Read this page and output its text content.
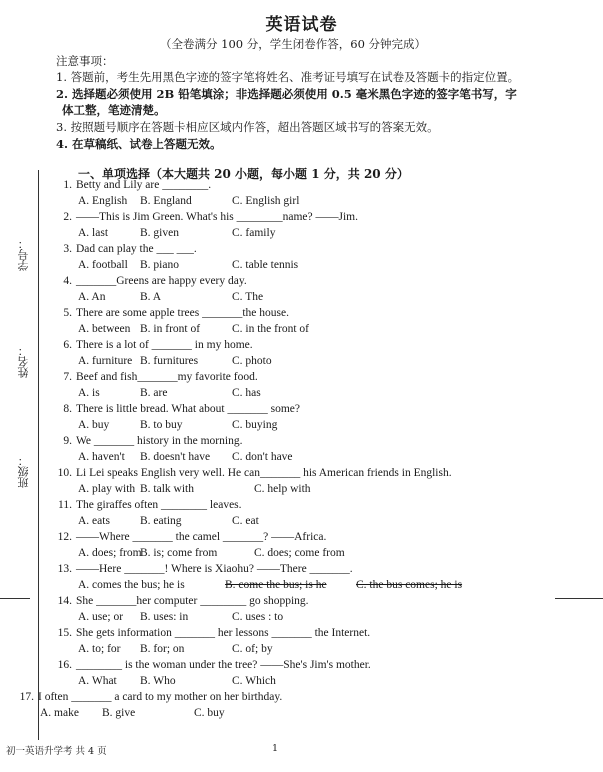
英语试卷
（全卷满分 100 分，学生闭卷作答，60 分钟完成）
注意事项：
1. 答题前，考生先用黑色字迹的签字笔将姓名、准考证号填写在试卷及答题卡的指定位置。
2. 选择题必须使用 2B 铅笔填涂；非选择题必须使用 0.5 毫米黑色字迹的签字笔书写，字
体工整，笔迹清楚。
3. 按照题号顺序在答题卡相应区域内作答，超出答题区域书写的答案无效。
4. 在草稿纸、试卷上答题无效。
一、单项选择（本大题共 20 小题，每小题 1 分，共 20 分）
学号：
姓名：
班级：
1. Betty and Lily are ________.
A. English B. England	C. English girl
2. ——This is Jim Green. What's his ________name? ——Jim.
A. last	B. given	C. family
3. Dad can play the ___ ___.
A. football B. piano	C. table tennis
4. _______Greens are happy every day.
A. An	B. A	C. The
5. There are some apple trees _______the house.
A. between B. in front of	C. in the front of
6. There is a lot of _______ in my home.
A. furniture B. furnitures	C. photo
7. Beef and fish_______my favorite food.
A. is	B. are	C. has
8. There is little bread. What about _______ some?
A. buy	B. to buy	C. buying
9. We _______ history in the morning.
A. haven't B. doesn't have C. don't have
10. Li Lei speaks English very well. He can_______ his American friends in English.
A. play with B. talk with	C. help with
11. The giraffes often ________ leaves.
A. eats	B. eating	C. eat
12. ——Where _______ the camel _______? ——Africa.
A. does; from
B. is; come from	C. does; come from
13. ——Here _______! Where is Xiaohu? ——There _______.
A. comes the bus; he is	B. come the bus; is he	C. the bus comes; he is
14. She _______her computer ________ go shopping.
A. use; or B. uses: in	C. uses : to
15. She gets information _______ her lessons _______ the Internet.
A. to; for B. for; on	C. of; by
16. ________ is the woman under the tree? ——She's Jim's mother.
A. What B. Who	C. Which
17. I often _______ a card to my mother on her birthday.
A. make B. give	C. buy
初一英语升学考 共 4 页	1
